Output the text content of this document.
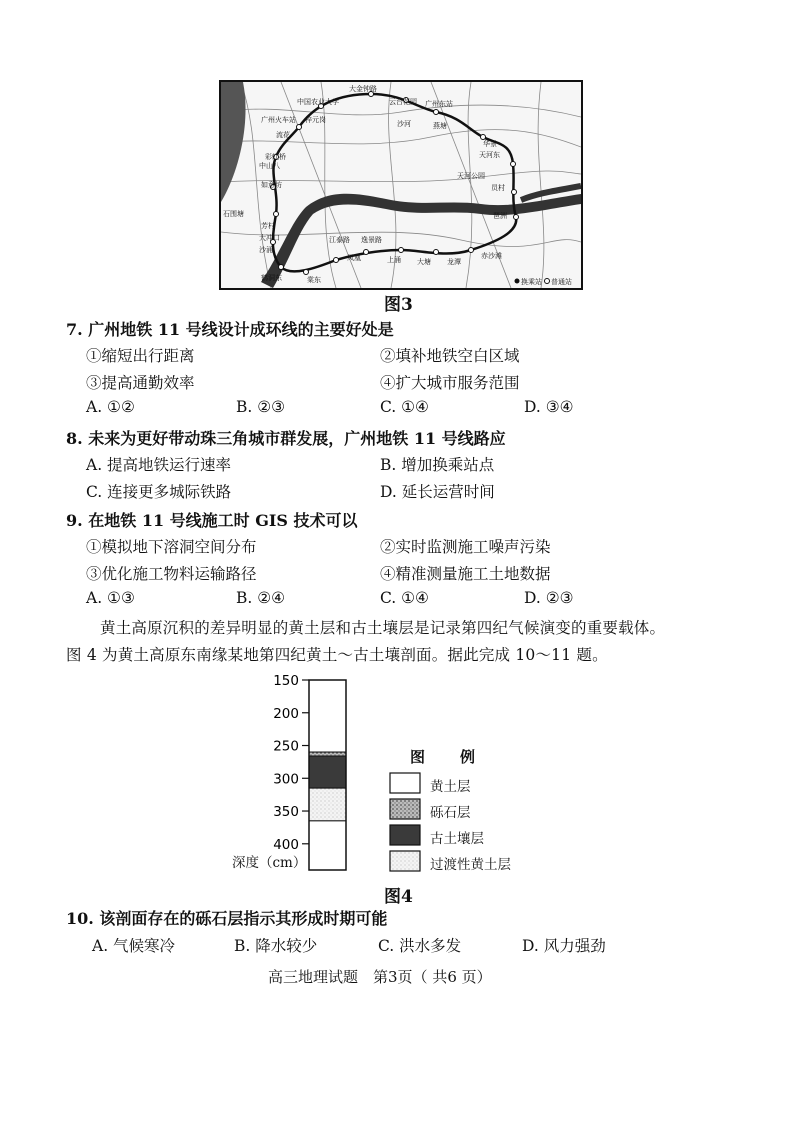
大金钟路
中国农业大学	云台花园
广州火车站 梓元岗
广州东站
流花
沙河	燕塘
天河公园
员村
琶洲
赤沙滩
龙潭
大塘
上涌
逸景路
江泰路
凤凰
中山八
彩虹桥
如意坊
石围塘
芳村
大冲口
沙涌
鹤洞东	棠东
华景
天河东
换乘站 普通站
图3
7. 广州地铁 11 号线设计成环线的主要好处是
①缩短出行距离	②填补地铁空白区域
③提高通勤效率	④扩大城市服务范围
A. ①②	B. ②③	C. ①④	D. ③④
8. 未来为更好带动珠三角城市群发展，广州地铁 11 号线路应
A. 提高地铁运行速率	B. 增加换乘站点
C. 连接更多城际铁路	D. 延长运营时间
9. 在地铁 11 号线施工时 GIS 技术可以
①模拟地下溶洞空间分布	②实时监测施工噪声污染
③优化施工物料运输路径	④精准测量施工土地数据
A. ①③	B. ②④	C. ①④	D. ②③
黄土高原沉积的差异明显的黄土层和古土壤层是记录第四纪气候演变的重要载体。
图 4 为黄土高原东南缘某地第四纪黄土～古土壤剖面。据此完成 10～11 题。
150
200
250
300
350
400
深度（cm）
图　例
黄土层
砾石层
古土壤层
过渡性黄土层
图4
10. 该剖面存在的砾石层指示其形成时期可能
A. 气候寒冷	B. 降水较少	C. 洪水多发	D. 风力强劲
高三地理试题　第3页（ 共6 页）
